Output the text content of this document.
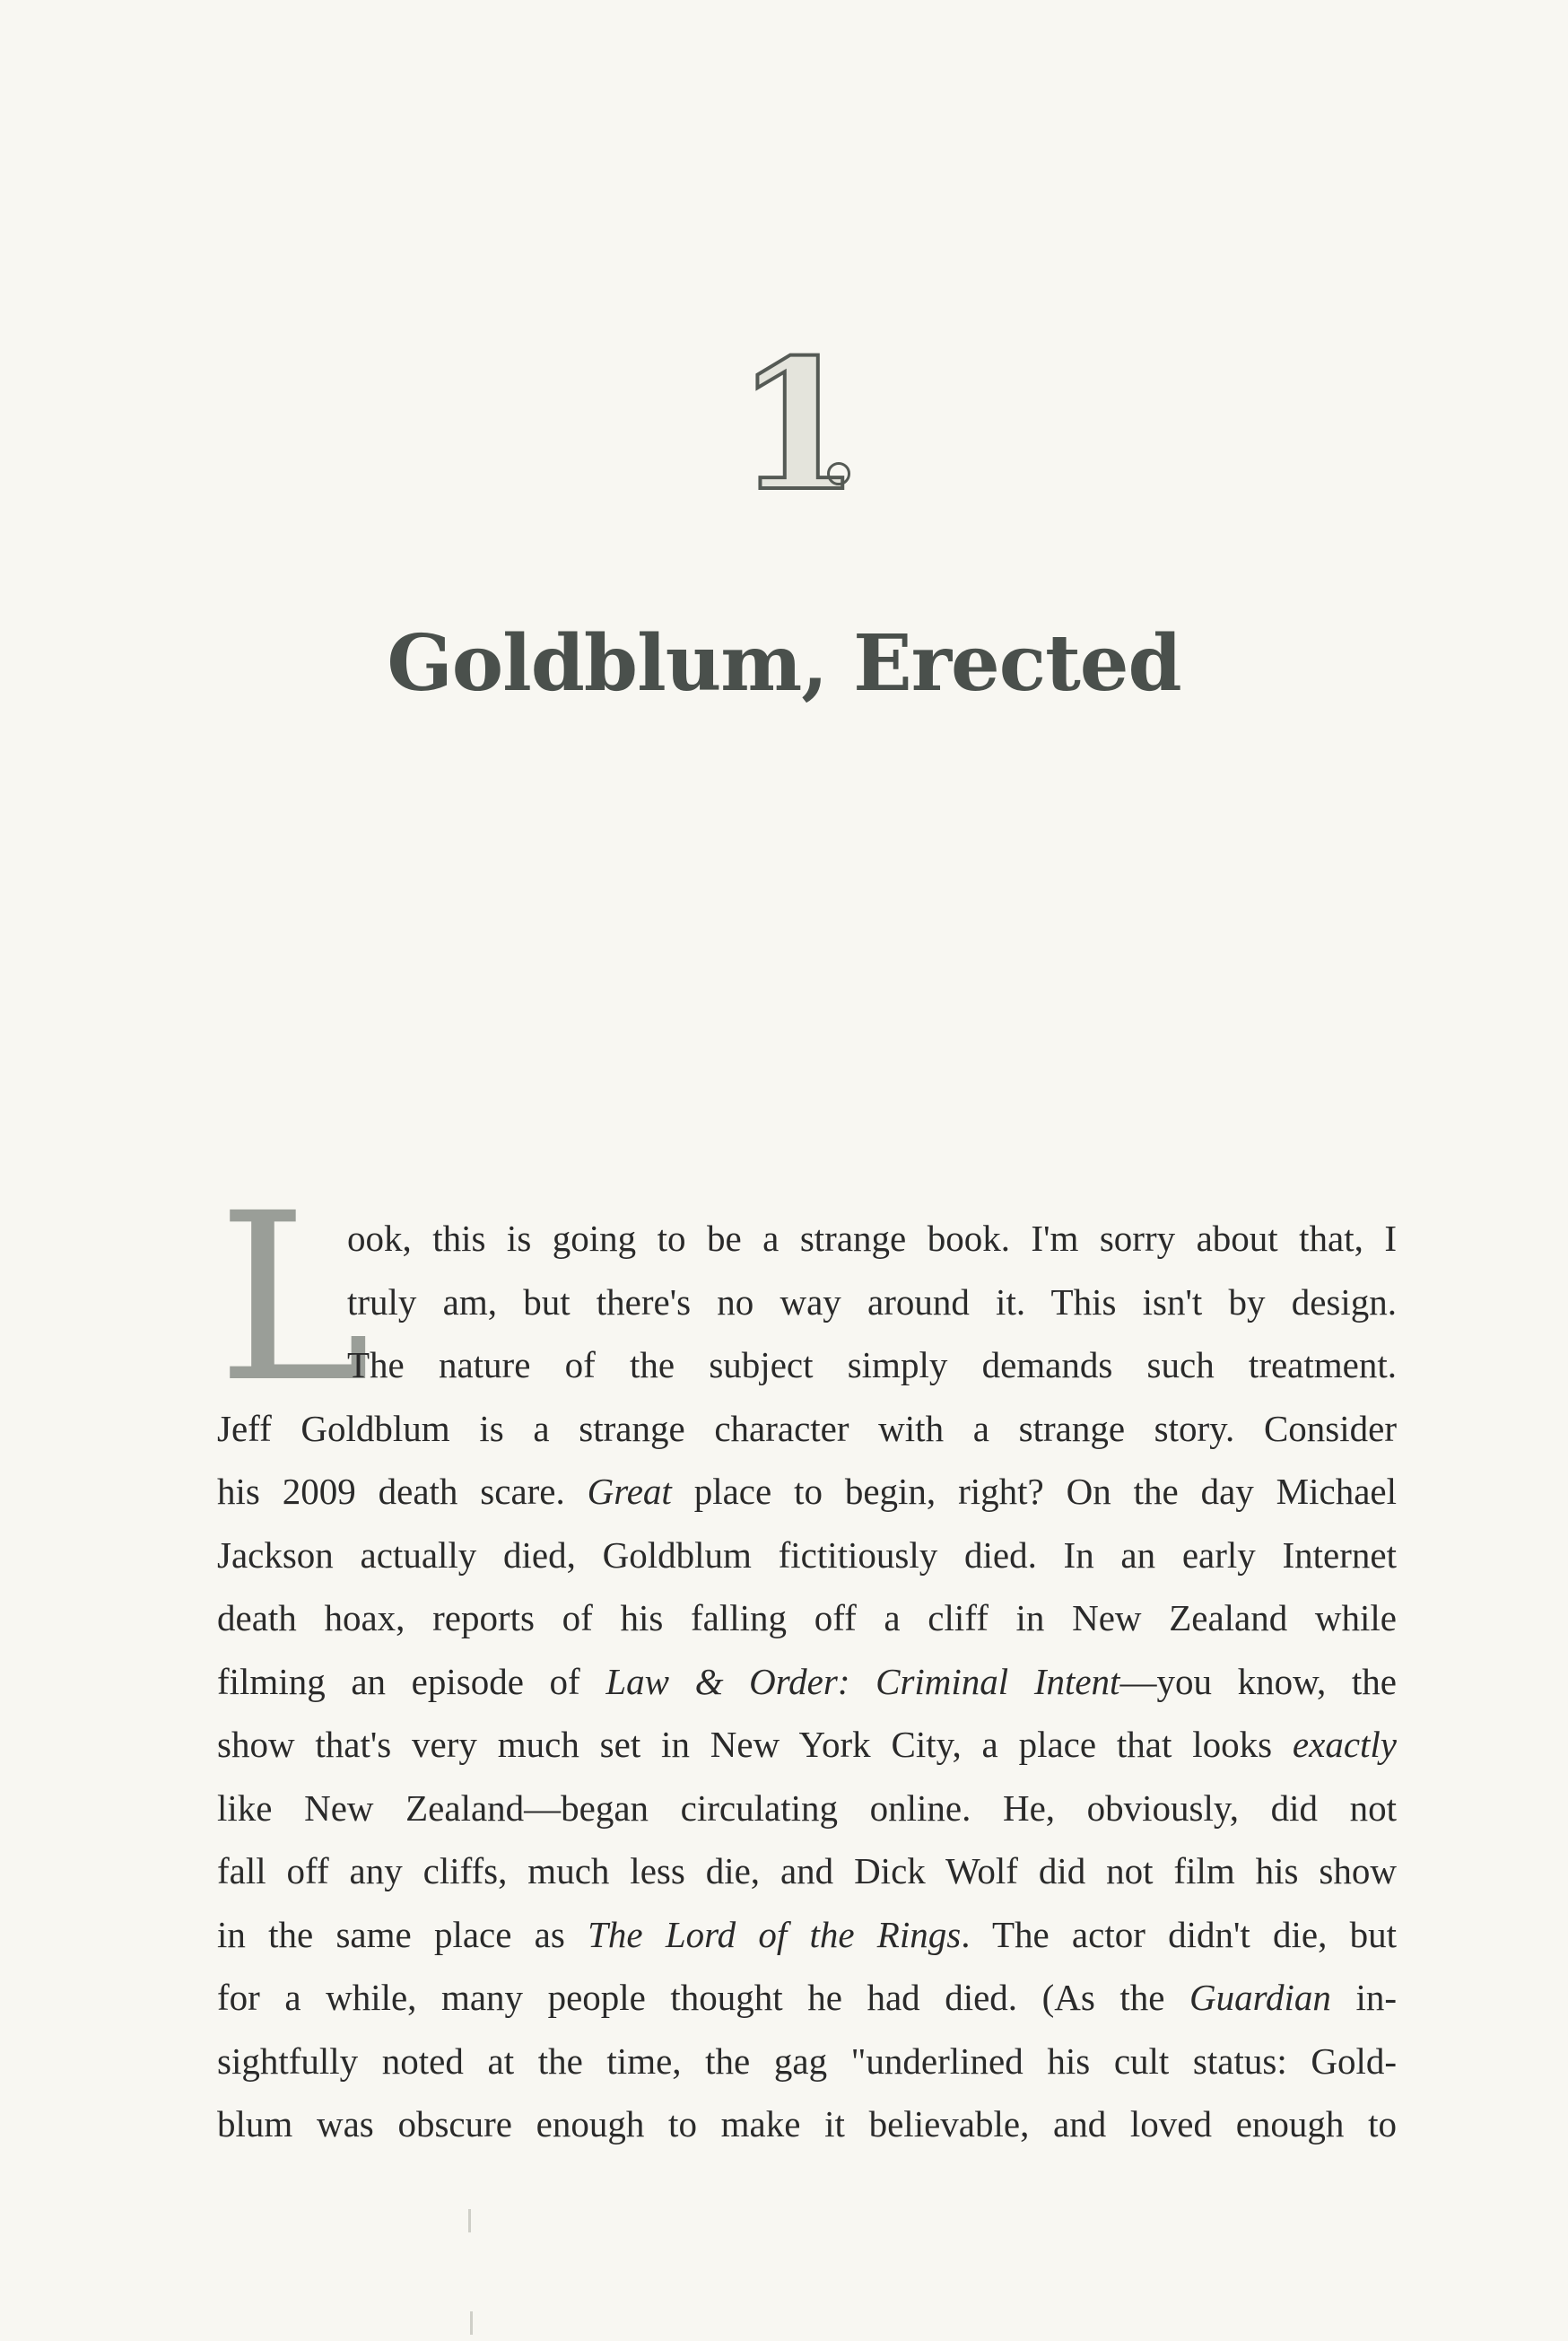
1
Goldblum, Erected
L
ook, this is going to be a strange book. I'm sorry about that, I
truly am, but there's no way around it. This isn't by design.
The nature of the subject simply demands such treatment.
Jeff Goldblum is a strange character with a strange story. Consider
his 2009 death scare. Great place to begin, right? On the day Michael
Jackson actually died, Goldblum fictitiously died. In an early Internet
death hoax, reports of his falling off a cliff in New Zealand while
filming an episode of Law & Order: Criminal Intent—you know, the
show that's very much set in New York City, a place that looks exactly
like New Zealand—began circulating online. He, obviously, did not
fall off any cliffs, much less die, and Dick Wolf did not film his show
in the same place as The Lord of the Rings. The actor didn't die, but
for a while, many people thought he had died. (As the Guardian in-
sightfully noted at the time, the gag "underlined his cult status: Gold-
blum was obscure enough to make it believable, and loved enough to
